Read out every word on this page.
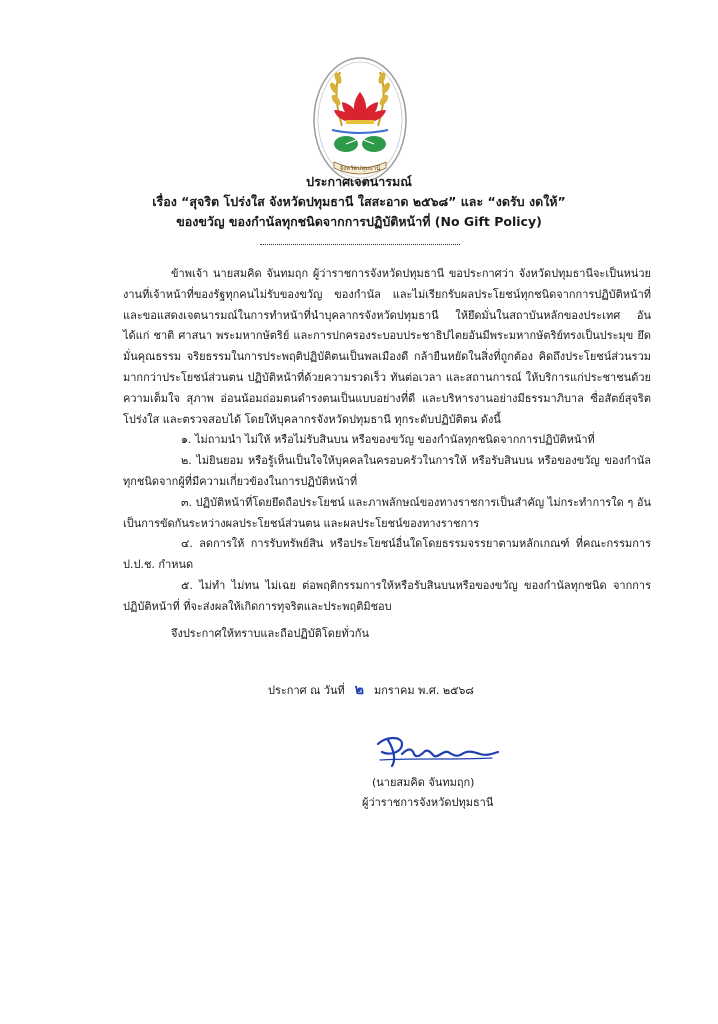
จังหวัดปทุมธานี
ประกาศเจตนารมณ์
เรื่อง “สุจริต โปร่งใส จังหวัดปทุมธานี ใสสะอาด ๒๕๖๘” และ “งดรับ งดให้”
ของขวัญ ของกำนัลทุกชนิดจากการปฏิบัติหน้าที่ (No Gift Policy)

ข้าพเจ้า นายสมคิด จันทมฤก ผู้ว่าราชการจังหวัดปทุมธานี ขอประกาศว่า จังหวัดปทุมธานีจะเป็นหน่วยงานที่เจ้าหน้าที่ของรัฐทุกคนไม่รับของขวัญ ของกำนัล และไม่เรียกรับผลประโยชน์ทุกชนิดจากการปฏิบัติหน้าที่ และขอแสดงเจตนารมณ์ในการทำหน้าที่นำบุคลากรจังหวัดปทุมธานี ให้ยึดมั่นในสถาบันหลักของประเทศ อันได้แก่ ชาติ ศาสนา พระมหากษัตริย์ และการปกครองระบอบประชาธิปไตยอันมีพระมหากษัตริย์ทรงเป็นประมุข ยึดมั่นคุณธรรม จริยธรรมในการประพฤติปฏิบัติตนเป็นพลเมืองดี กล้ายืนหยัดในสิ่งที่ถูกต้อง คิดถึงประโยชน์ส่วนรวมมากกว่าประโยชน์ส่วนตน ปฏิบัติหน้าที่ด้วยความรวดเร็ว ทันต่อเวลา และสถานการณ์ ให้บริการแก่ประชาชนด้วยความเต็มใจ สุภาพ อ่อนน้อมถ่อมตนดำรงตนเป็นแบบอย่างที่ดี และบริหารงานอย่างมีธรรมาภิบาล ซื่อสัตย์สุจริต โปร่งใส และตรวจสอบได้ โดยให้บุคลากรจังหวัดปทุมธานี ทุกระดับปฏิบัติตน ดังนี้

๑. ไม่ถามนำ ไม่ให้ หรือไม่รับสินบน หรือของขวัญ ของกำนัลทุกชนิดจากการปฏิบัติหน้าที่

๒. ไม่ยินยอม หรือรู้เห็นเป็นใจให้บุคคลในครอบครัวในการให้ หรือรับสินบน หรือของขวัญ ของกำนัลทุกชนิดจากผู้ที่มีความเกี่ยวข้องในการปฏิบัติหน้าที่

๓. ปฏิบัติหน้าที่โดยยึดถือประโยชน์ และภาพลักษณ์ของทางราชการเป็นสำคัญ ไม่กระทำการใด ๆ อันเป็นการขัดกันระหว่างผลประโยชน์ส่วนตน และผลประโยชน์ของทางราชการ

๔. ลดการให้ การรับทรัพย์สิน หรือประโยชน์อื่นใดโดยธรรมจรรยาตามหลักเกณฑ์ ที่คณะกรรมการ ป.ป.ช. กำหนด

๕. ไม่ทำ ไม่ทน ไม่เฉย ต่อพฤติกรรมการให้หรือรับสินบนหรือของขวัญ ของกำนัลทุกชนิด จากการปฏิบัติหน้าที่ ที่จะส่งผลให้เกิดการทุจริตและประพฤติมิชอบ

จึงประกาศให้ทราบและถือปฏิบัติโดยทั่วกัน

ประกาศ ณ วันที่ ๒ มกราคม พ.ศ. ๒๕๖๘
(นายสมคิด จันทมฤก)
ผู้ว่าราชการจังหวัดปทุมธานี
